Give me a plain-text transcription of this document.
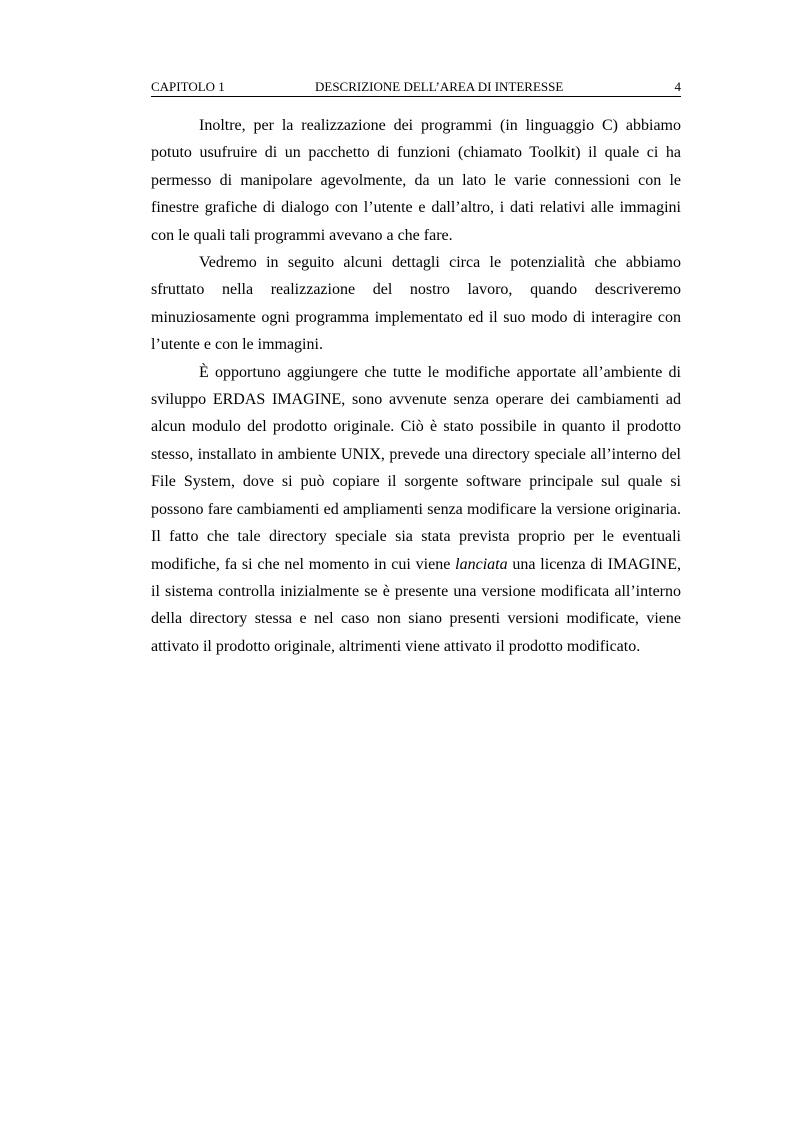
CAPITOLO 1	DESCRIZIONE DELL’AREA DI INTERESSE	4

Inoltre, per la realizzazione dei programmi (in linguaggio C) abbiamo potuto usufruire di un pacchetto di funzioni (chiamato Toolkit) il quale ci ha permesso di manipolare agevolmente, da un lato le varie connessioni con le finestre grafiche di dialogo con l’utente e dall’altro, i dati relativi alle immagini con le quali tali programmi avevano a che fare.

Vedremo in seguito alcuni dettagli circa le potenzialità che abbiamo sfruttato nella realizzazione del nostro lavoro, quando descriveremo minuziosamente ogni programma implementato ed il suo modo di interagire con l’utente e con le immagini.

È opportuno aggiungere che tutte le modifiche apportate all’ambiente di sviluppo ERDAS IMAGINE, sono avvenute senza operare dei cambiamenti ad alcun modulo del prodotto originale. Ciò è stato possibile in quanto il prodotto stesso, installato in ambiente UNIX, prevede una directory speciale all’interno del File System, dove si può copiare il sorgente software principale sul quale si possono fare cambiamenti ed ampliamenti senza modificare la versione originaria. Il fatto che tale directory speciale sia stata prevista proprio per le eventuali modifiche, fa si che nel momento in cui viene lanciata una licenza di IMAGINE, il sistema controlla inizialmente se è presente una versione modificata all’interno della directory stessa e nel caso non siano presenti versioni modificate, viene attivato il prodotto originale, altrimenti viene attivato il prodotto modificato.
